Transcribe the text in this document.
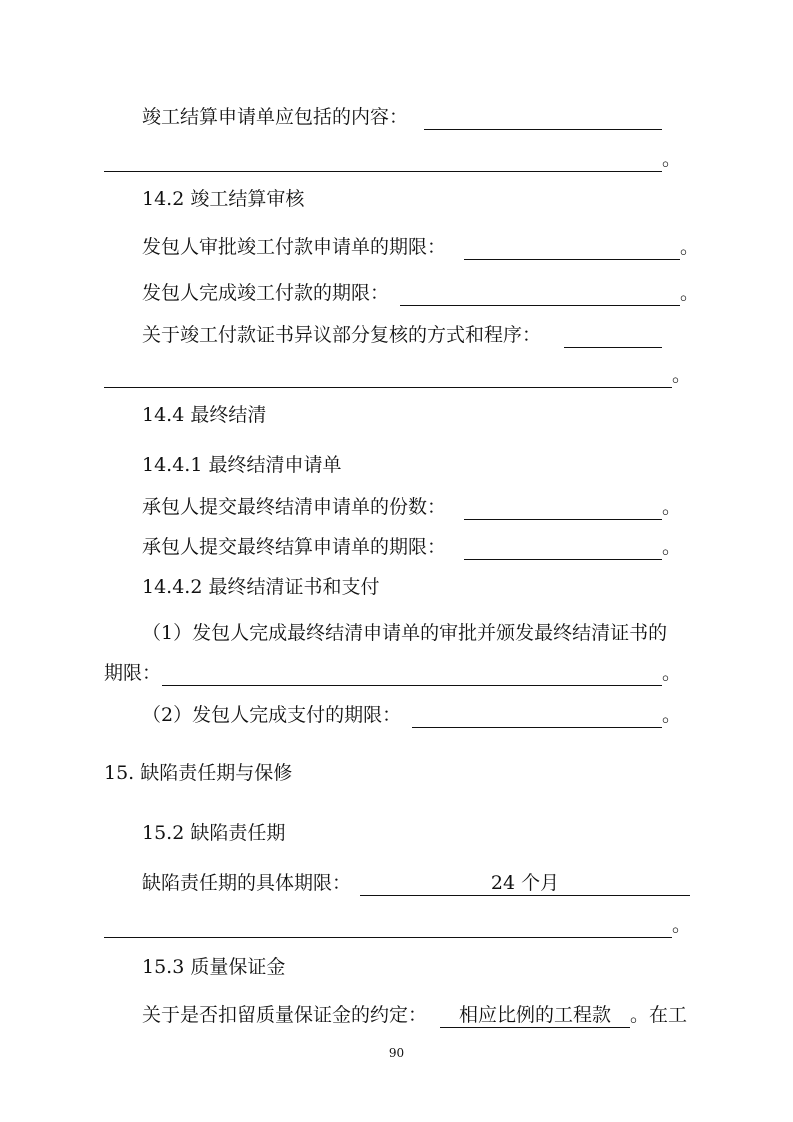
竣工结算申请单应包括的内容：
。
14.2 竣工结算审核
发包人审批竣工付款申请单的期限：	。
发包人完成竣工付款的期限：	。
关于竣工付款证书异议部分复核的方式和程序：
。
14.4 最终结清
14.4.1 最终结清申请单
承包人提交最终结清申请单的份数：	。
承包人提交最终结算申请单的期限：	。
14.4.2 最终结清证书和支付
（1）发包人完成最终结清申请单的审批并颁发最终结清证书的
期限：	。
（2）发包人完成支付的期限：	。
15. 缺陷责任期与保修
15.2 缺陷责任期
缺陷责任期的具体期限：	24 个月
。
15.3 质量保证金
关于是否扣留质量保证金的约定：	相应比例的工程款	。在工
90
